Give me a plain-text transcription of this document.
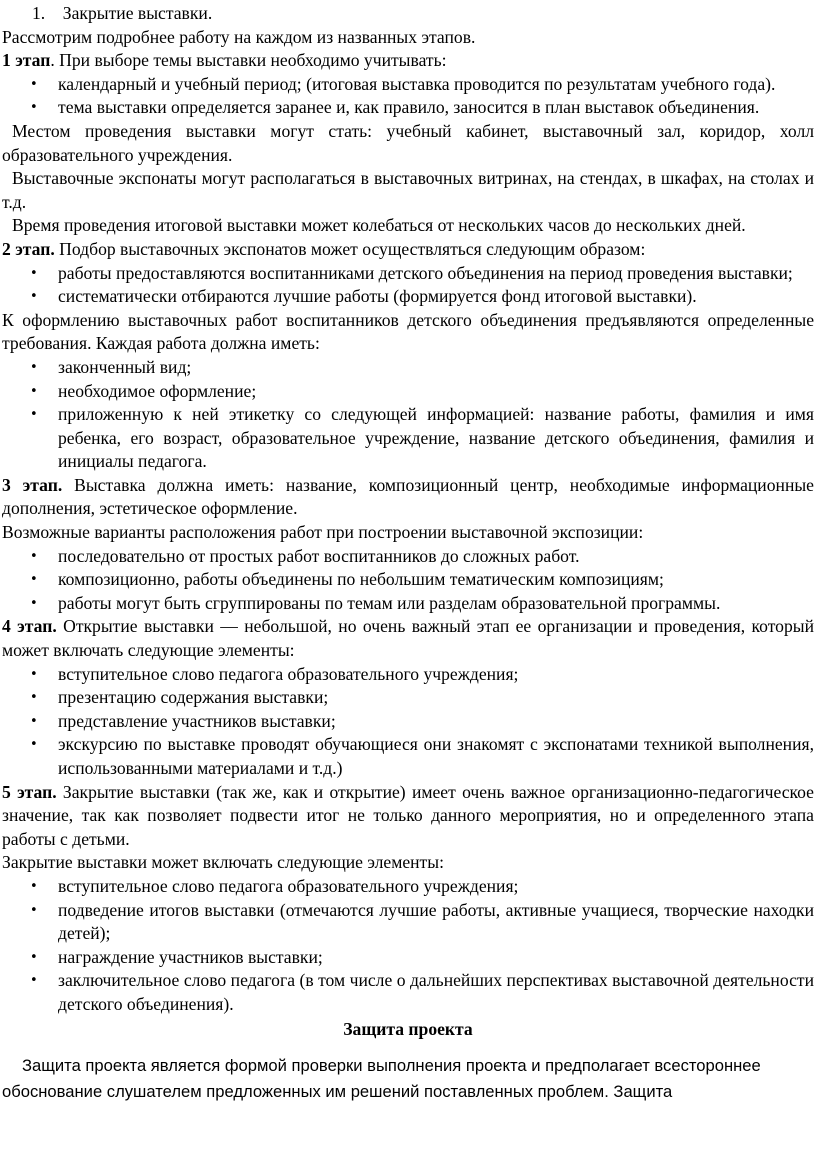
1. Закрытие выставки.

Рассмотрим подробнее работу на каждом из названных этапов.

1 этап. При выборе темы выставки необходимо учитывать:

• календарный и учебный период; (итоговая выставка проводится по результатам учебного года).
• тема выставки определяется заранее и, как правило, заносится в план выставок объединения.

Местом проведения выставки могут стать: учебный кабинет, выставочный зал, коридор, холл образовательного учреждения.

Выставочные экспонаты могут располагаться в выставочных витринах, на стендах, в шкафах, на столах и т.д.

Время проведения итоговой выставки может колебаться от нескольких часов до нескольких дней.

2 этап. Подбор выставочных экспонатов может осуществляться следующим образом:

• работы предоставляются воспитанниками детского объединения на период проведения выставки;
• систематически отбираются лучшие работы (формируется фонд итоговой выставки).

К оформлению выставочных работ воспитанников детского объединения предъявляются определенные требования. Каждая работа должна иметь:

• законченный вид;
• необходимое оформление;
• приложенную к ней этикетку со следующей информацией: название работы, фамилия и имя ребенка, его возраст, образовательное учреждение, название детского объединения, фамилия и инициалы педагога.

3 этап. Выставка должна иметь: название, композиционный центр, необходимые информационные дополнения, эстетическое оформление.

Возможные варианты расположения работ при построении выставочной экспозиции:

• последовательно от простых работ воспитанников до сложных работ.
• композиционно, работы объединены по небольшим тематическим композициям;
• работы могут быть сгруппированы по темам или разделам образовательной программы.

4 этап. Открытие выставки — небольшой, но очень важный этап ее организации и проведения, который может включать следующие элементы:

• вступительное слово педагога образовательного учреждения;
• презентацию содержания выставки;
• представление участников выставки;
• экскурсию по выставке проводят обучающиеся они знакомят с экспонатами техникой выполнения, использованными материалами и т.д.)

5 этап. Закрытие выставки (так же, как и открытие) имеет очень важное организационно-педагогическое значение, так как позволяет подвести итог не только данного мероприятия, но и определенного этапа работы с детьми.

Закрытие выставки может включать следующие элементы:

• вступительное слово педагога образовательного учреждения;
• подведение итогов выставки (отмечаются лучшие работы, активные учащиеся, творческие находки детей);
• награждение участников выставки;
• заключительное слово педагога (в том числе о дальнейших перспективах выставочной деятельности детского объединения).

Защита проекта

Защита проекта является формой проверки выполнения проекта и предполагает всестороннее

обоснование слушателем предложенных им решений поставленных проблем. Защита
